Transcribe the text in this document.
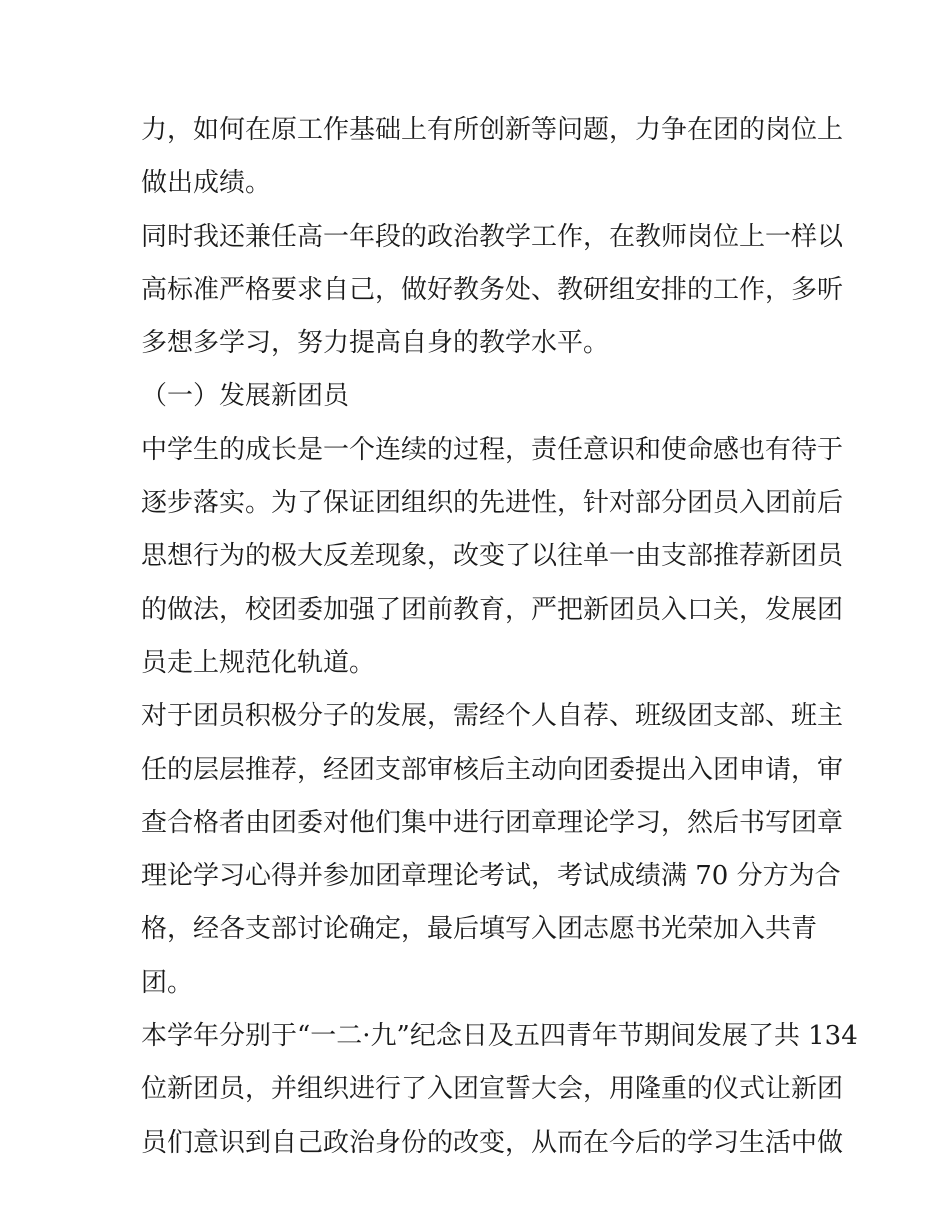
力，如何在原工作基础上有所创新等问题，力争在团的岗位上
做出成绩。
同时我还兼任高一年段的政治教学工作，在教师岗位上一样以
高标准严格要求自己，做好教务处、教研组安排的工作，多听
多想多学习，努力提高自身的教学水平。
（一）发展新团员
中学生的成长是一个连续的过程，责任意识和使命感也有待于
逐步落实。为了保证团组织的先进性，针对部分团员入团前后
思想行为的极大反差现象，改变了以往单一由支部推荐新团员
的做法，校团委加强了团前教育，严把新团员入口关，发展团
员走上规范化轨道。
对于团员积极分子的发展，需经个人自荐、班级团支部、班主
任的层层推荐，经团支部审核后主动向团委提出入团申请，审
查合格者由团委对他们集中进行团章理论学习，然后书写团章
理论学习心得并参加团章理论考试，考试成绩满 70 分方为合
格，经各支部讨论确定，最后填写入团志愿书光荣加入共青
团。
本学年分别于“一二·九”纪念日及五四青年节期间发展了共 134
位新团员，并组织进行了入团宣誓大会，用隆重的仪式让新团
员们意识到自己政治身份的改变，从而在今后的学习生活中做
